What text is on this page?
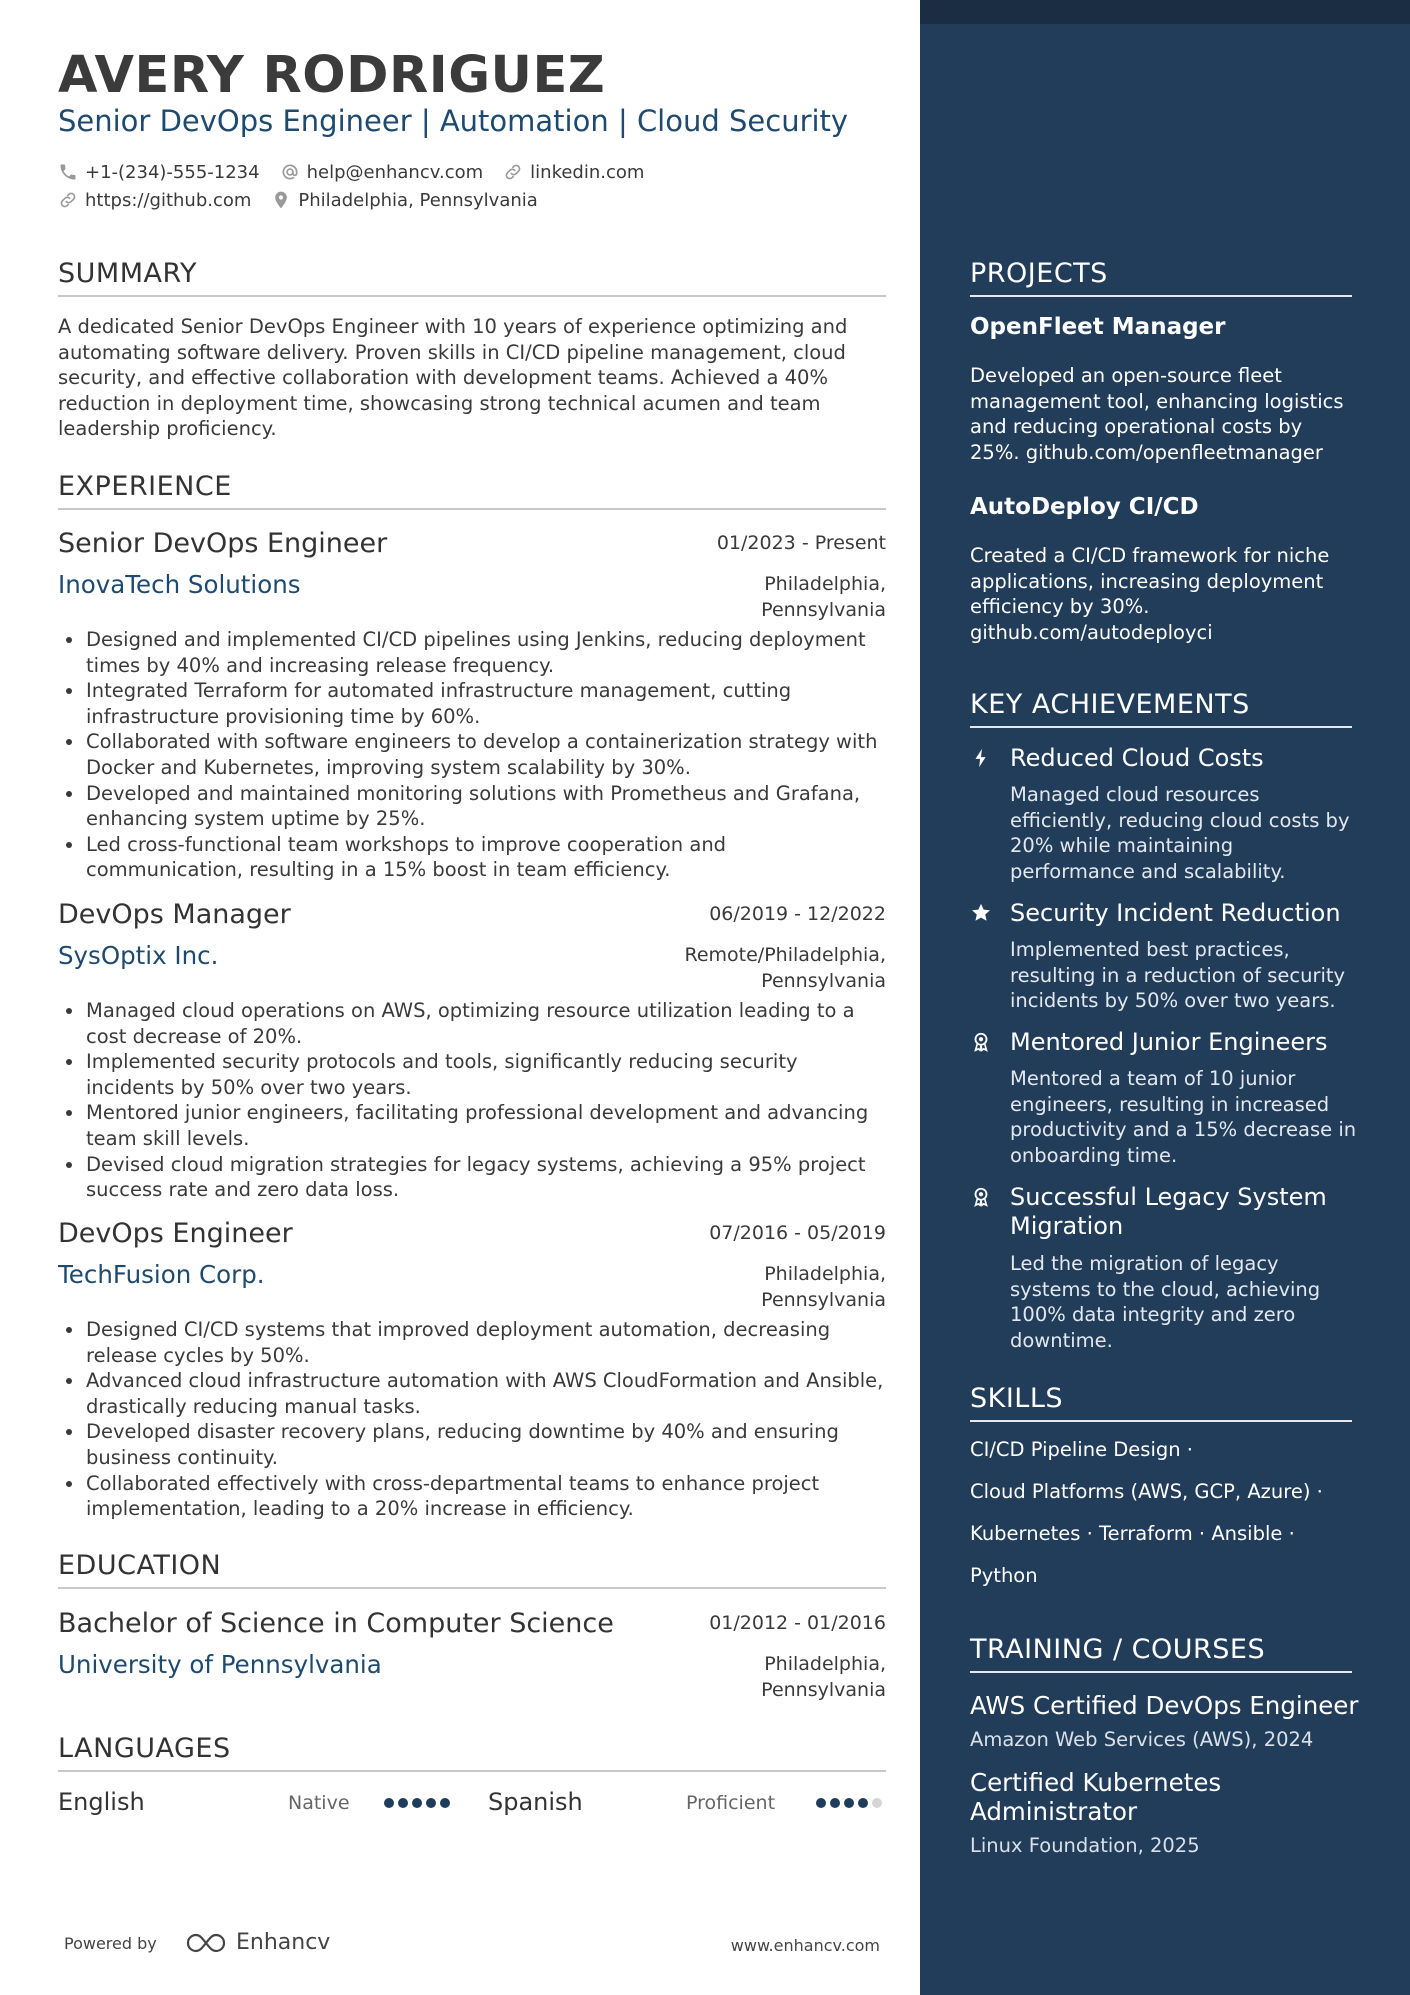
AVERY RODRIGUEZ
Senior DevOps Engineer | Automation | Cloud Security
+1-(234)-555-1234	help@enhancv.com	linkedin.com
https://github.com	Philadelphia, Pennsylvania
SUMMARY
A dedicated Senior DevOps Engineer with 10 years of experience optimizing and automating software delivery. Proven skills in CI/CD pipeline management, cloud security, and effective collaboration with development teams. Achieved a 40% reduction in deployment time, showcasing strong technical acumen and team leadership proficiency.
EXPERIENCE
Senior DevOps Engineer	01/2023 - Present
InovaTech Solutions	Philadelphia,
Pennsylvania
Designed and implemented CI/CD pipelines using Jenkins, reducing deployment times by 40% and increasing release frequency.
Integrated Terraform for automated infrastructure management, cutting infrastructure provisioning time by 60%.
Collaborated with software engineers to develop a containerization strategy with Docker and Kubernetes, improving system scalability by 30%.
Developed and maintained monitoring solutions with Prometheus and Grafana, enhancing system uptime by 25%.
Led cross-functional team workshops to improve cooperation and communication, resulting in a 15% boost in team efficiency.
DevOps Manager	06/2019 - 12/2022
SysOptix Inc.	Remote/Philadelphia,
Pennsylvania
Managed cloud operations on AWS, optimizing resource utilization leading to a cost decrease of 20%.
Implemented security protocols and tools, significantly reducing security incidents by 50% over two years.
Mentored junior engineers, facilitating professional development and advancing team skill levels.
Devised cloud migration strategies for legacy systems, achieving a 95% project success rate and zero data loss.
DevOps Engineer	07/2016 - 05/2019
TechFusion Corp.	Philadelphia,
Pennsylvania
Designed CI/CD systems that improved deployment automation, decreasing release cycles by 50%.
Advanced cloud infrastructure automation with AWS CloudFormation and Ansible, drastically reducing manual tasks.
Developed disaster recovery plans, reducing downtime by 40% and ensuring business continuity.
Collaborated effectively with cross-departmental teams to enhance project implementation, leading to a 20% increase in efficiency.
EDUCATION
Bachelor of Science in Computer Science	01/2012 - 01/2016
University of Pennsylvania	Philadelphia,
Pennsylvania
LANGUAGES
English	Native	Spanish	Proficient
Powered by	Enhancv	www.enhancv.com
PROJECTS
OpenFleet Manager
Developed an open-source fleet management tool, enhancing logistics and reducing operational costs by 25%. github.com/openfleetmanager
AutoDeploy CI/CD
Created a CI/CD framework for niche applications, increasing deployment efficiency by 30%. github.com/autodeployci
KEY ACHIEVEMENTS
Reduced Cloud Costs
Managed cloud resources efficiently, reducing cloud costs by 20% while maintaining performance and scalability.
Security Incident Reduction
Implemented best practices, resulting in a reduction of security incidents by 50% over two years.
Mentored Junior Engineers
Mentored a team of 10 junior engineers, resulting in increased productivity and a 15% decrease in onboarding time.
Successful Legacy System Migration
Led the migration of legacy systems to the cloud, achieving 100% data integrity and zero downtime.
SKILLS
CI/CD Pipeline Design ·
Cloud Platforms (AWS, GCP, Azure) ·
Kubernetes · Terraform · Ansible ·
Python
TRAINING / COURSES
AWS Certified DevOps Engineer
Amazon Web Services (AWS), 2024
Certified Kubernetes Administrator
Linux Foundation, 2025
